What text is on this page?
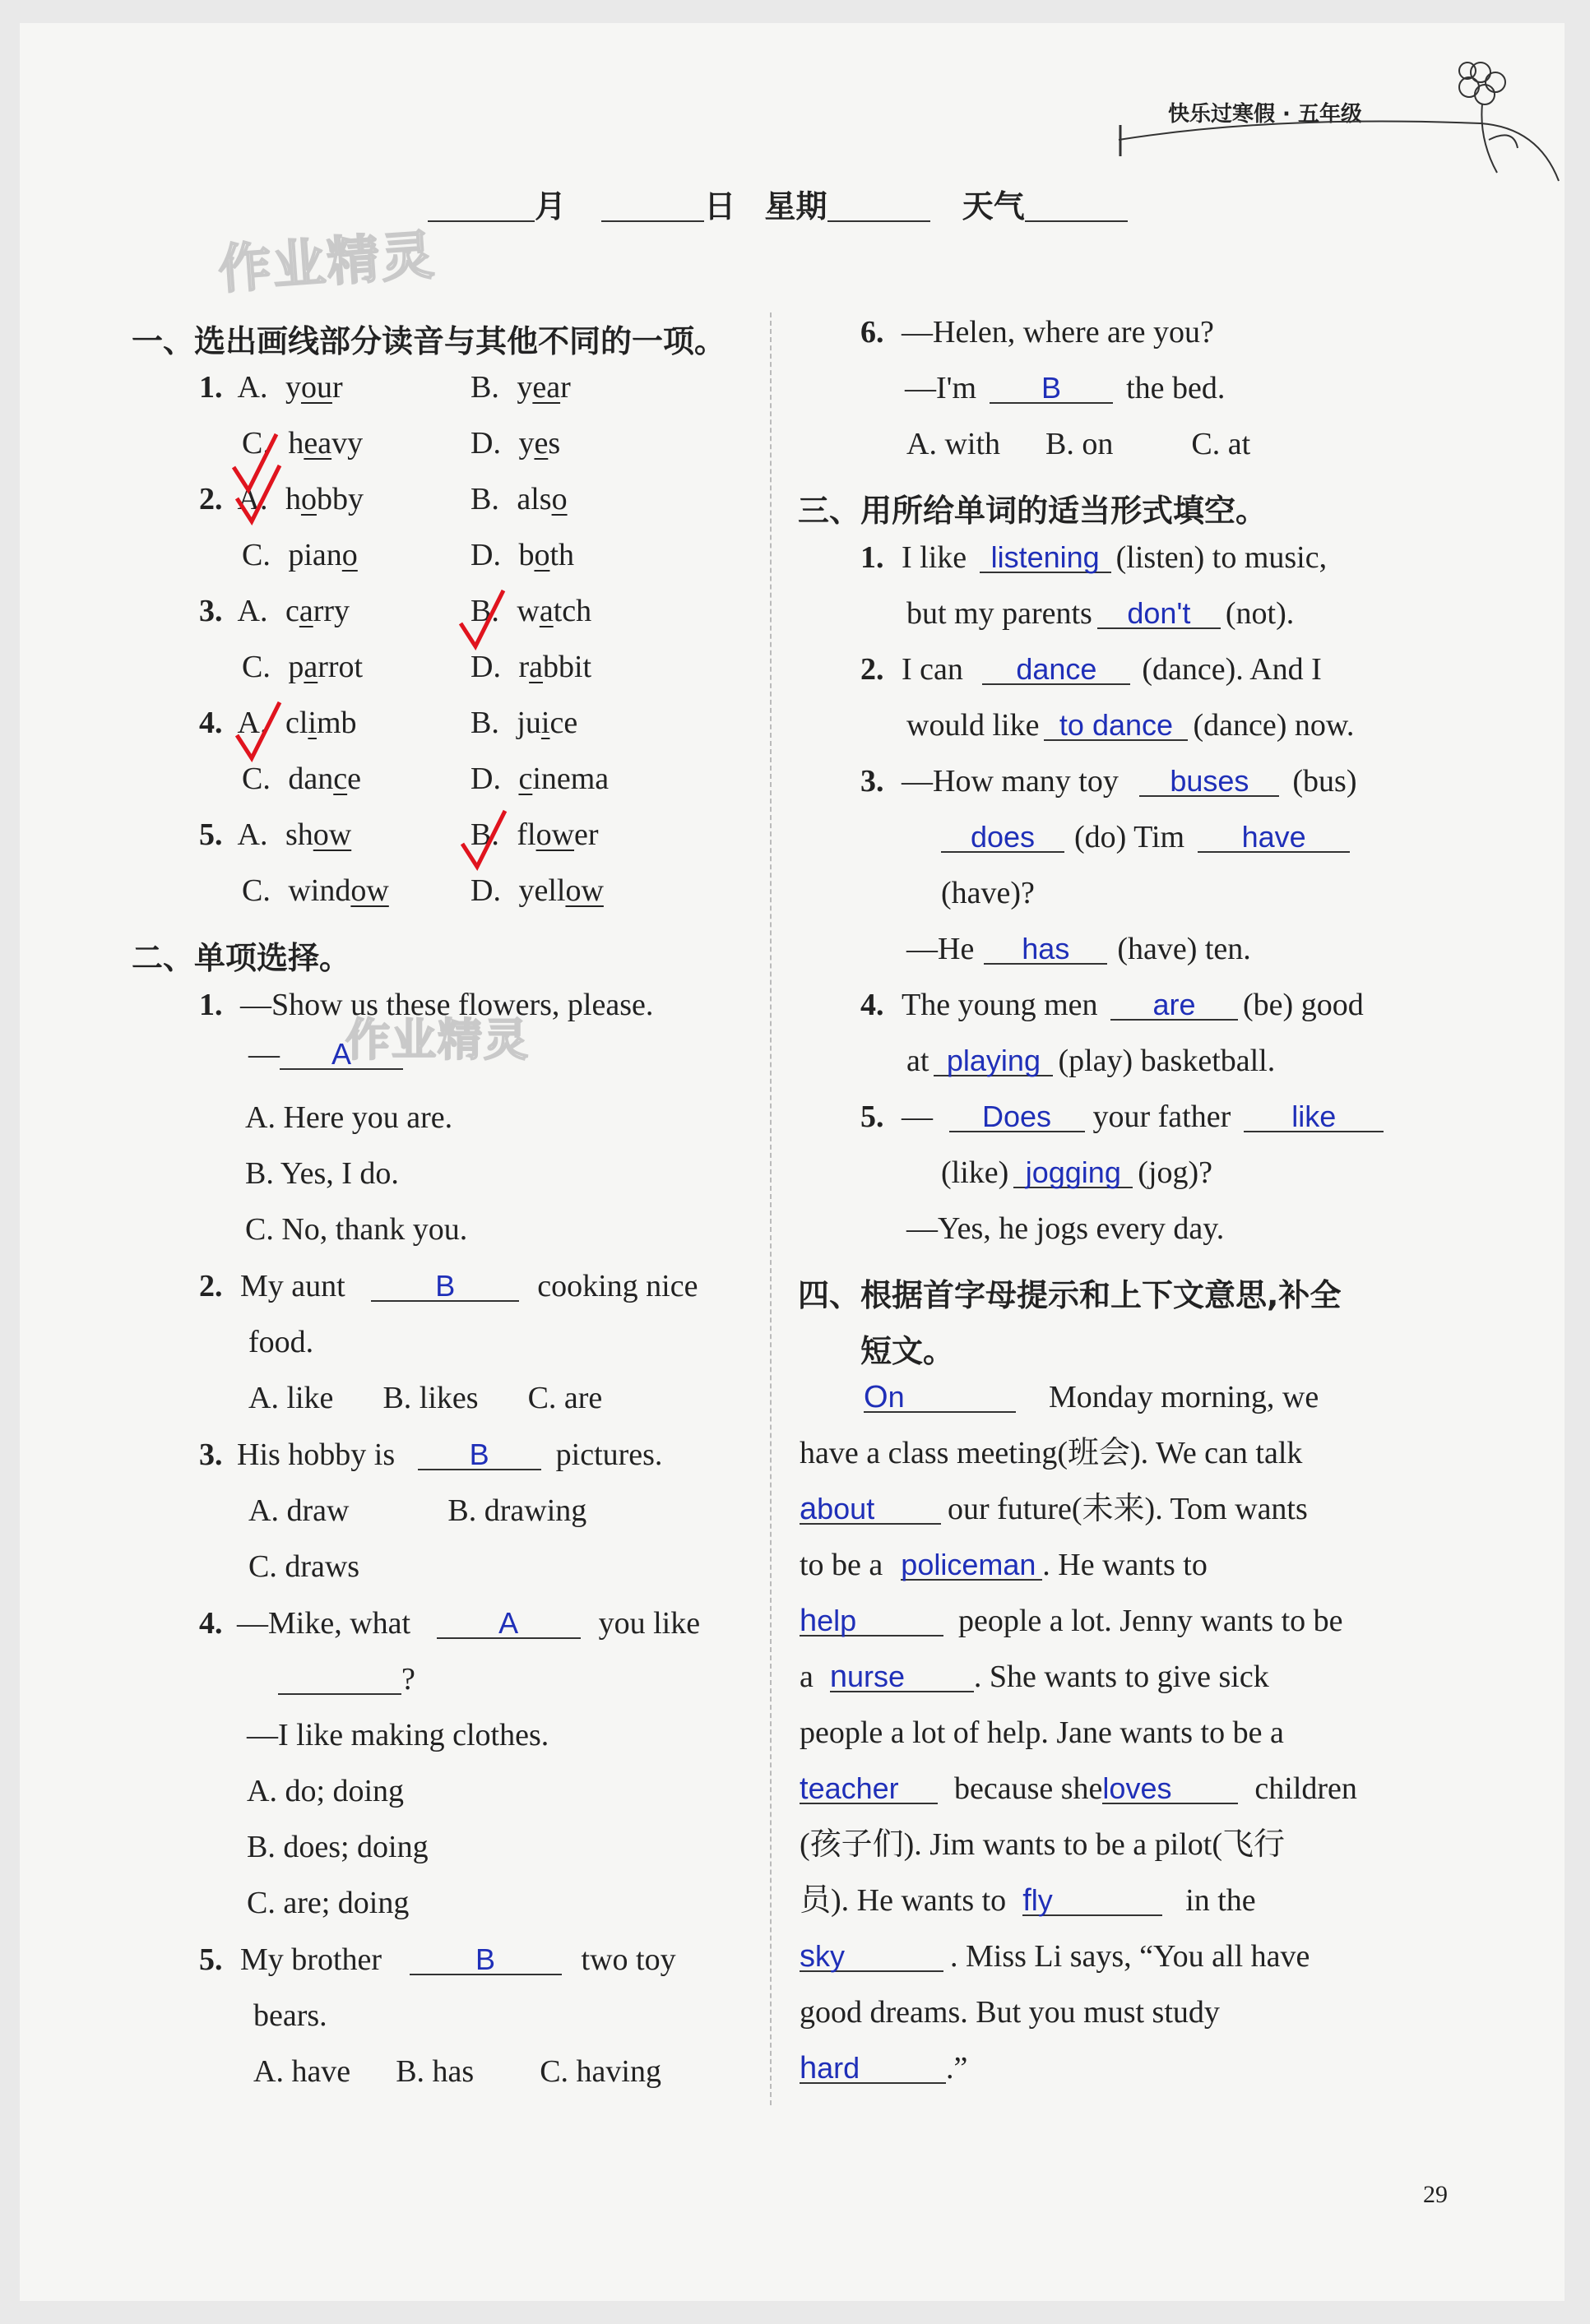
快乐过寒假 · 五年级
作业精灵
月	日 星期	天气
一、选出画线部分读音与其他不同的一项。
1. A. your	B. year
C. heavy	D. yes
2. A. hobby	B. also
C. piano	D. both
3. A. carry	B. watch
C. parrot	D. rabbit
4. A. climb	B. juice
C. dance	D. cinema
5. A. show	B. flower
C. window	D. yellow
二、单项选择。
1. —Show us these flowers, please.
作业精灵
— A
A. Here you are.
B. Yes, I do.
C. No, thank you.
2. My aunt	B	cooking nice
food.
A. like B. likes C. are
3. His hobby is	B pictures.
A. draw	B. drawing
C. draws
4. —Mike, what	A	you like
?
—I like making clothes.
A. do; doing
B. does; doing
C. are; doing
5. My brother	B	two toy
bears.
A. have B. has C. having
6. —Helen, where are you?
—I'm B the bed.
A. with B. on	C. at
三、用所给单词的适当形式填空。
1. I like listening (listen) to music,
but my parents don't (not).
2. I can dance (dance). And I
would like to dance (dance) now.
3. —How many toy buses (bus)
does (do) Tim have
(have)?
—He has (have) ten.
4. The young men are (be) good
at playing (play) basketball.
5. — Does your father like
(like) jogging (jog)?
—Yes, he jogs every day.
四、根据首字母提示和上下文意思,补全
短文。
On	Monday morning, we
have a class meeting(班会). We can talk
about our future(未来). Tom wants
to be a policeman . He wants to
help	people a lot. Jenny wants to be
a nurse . She wants to give sick
people a lot of help. Jane wants to be a
teacher because sheloves	children
(孩子们). Jim wants to be a pilot(飞行
员). He wants to fly	in the
sky	. Miss Li says, “You all have
good dreams. But you must study
hard	.”
29
